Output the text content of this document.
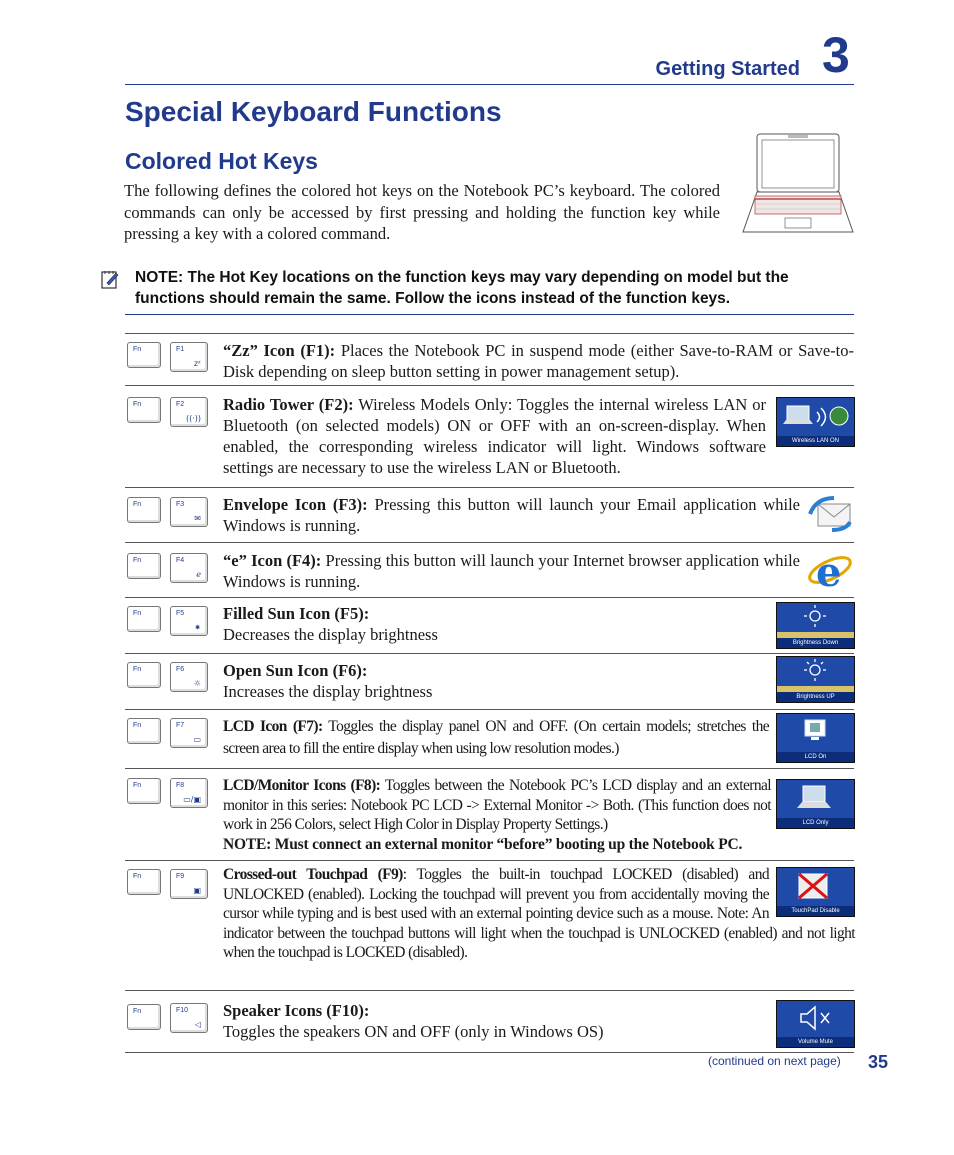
Getting Started 3
Special Keyboard Functions
Colored Hot Keys

The following defines the colored hot keys on the Notebook PC’s keyboard. The colored commands can only be accessed by first pressing and holding the function key while pressing a key with a colored command.

NOTE: The Hot Key locations on the function keys may vary depending on model but the functions should remain the same. Follow the icons instead of the function keys.

Fn	F1
zᶻ

“Zz” Icon (F1): Places the Notebook PC in suspend mode (either Save-to-RAM or Save-to-Disk depending on sleep button setting in power management setup).

Fn	F2
((·))

Radio Tower (F2): Wireless Models Only: Toggles the internal wireless LAN or Bluetooth (on selected models) ON or OFF with an on-screen-display. When enabled, the corresponding wireless indicator will light. Windows software settings are necessary to use the wireless LAN or Bluetooth.

Wireless LAN ON
Fn	F3
✉

Envelope Icon (F3): Pressing this button will launch your Email application while Windows is running.

Fn	F4
ℯ

“e” Icon (F4): Pressing this button will launch your Internet browser application while Windows is running.	e
Fn	F5
✷

Filled Sun Icon (F5):
Decreases the display brightness	Brightness Down
Fn	F6
☼

Open Sun Icon (F6):
Increases the display brightness	Brightness UP
Fn	F7
▭

LCD Icon (F7): Toggles the display panel ON and OFF. (On certain models; stretches the screen area to fill the entire display when using low resolution modes.)

LCD On
Fn	F8
▭/▣

LCD/Monitor Icons (F8): Toggles between the Notebook PC’s LCD display and an external monitor in this series: Notebook PC LCD -> External Monitor -> Both. (This function does not work in 256 Colors, select High Color in Display Property Settings.)
NOTE: Must connect an external monitor “before” booting up the Notebook PC.

LCD Only
Fn	F9
▣
Crossed-out Touchpad (F9): Toggles the built-in touchpad LOCKED (disabled) and UNLOCKED (enabled). Locking the touchpad will prevent you from accidentally moving the cursor while typing and is best used with an external pointing device such as a mouse. Note: An indicator between the touchpad buttons will light when the touchpad is UNLOCKED (enabled) and not light when the touchpad is LOCKED (disabled).
TouchPad Disable
Fn	F10
◁

Speaker Icons (F10):
Toggles the speakers ON and OFF (only in Windows OS)

Volume Mute
(continued on next page) 35
